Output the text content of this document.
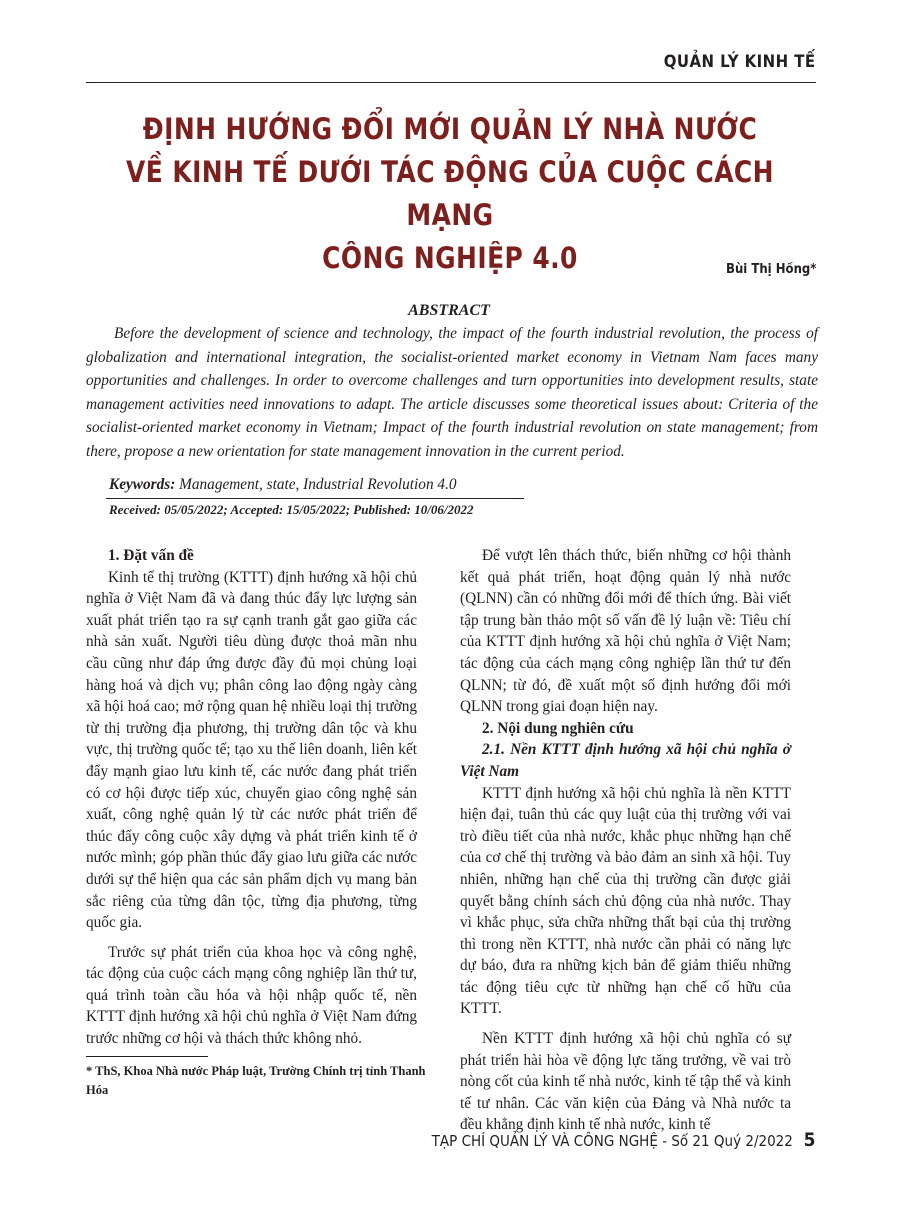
QUẢN LÝ KINH TẾ
ĐỊNH HƯỚNG ĐỔI MỚI QUẢN LÝ NHÀ NƯỚC
VỀ KINH TẾ DƯỚI TÁC ĐỘNG CỦA CUỘC CÁCH MẠNG
CÔNG NGHIỆP 4.0	Bùi Thị Hồng*
ABSTRACT
Before the development of science and technology, the impact of the fourth industrial revolution, the process of globalization and international integration, the socialist-oriented market economy in Vietnam Nam faces many opportunities and challenges. In order to overcome challenges and turn opportunities into development results, state management activities need innovations to adapt. The article discusses some theoretical issues about: Criteria of the socialist-oriented market economy in Vietnam; Impact of the fourth industrial revolution on state management; from there, propose a new orientation for state management innovation in the current period.
Keywords: Management, state, Industrial Revolution 4.0
Received: 05/05/2022; Accepted: 15/05/2022; Published: 10/06/2022
1. Đặt vấn đề

Kinh tế thị trường (KTTT) định hướng xã hội chủ nghĩa ở Việt Nam đã và đang thúc đẩy lực lượng sản xuất phát triển tạo ra sự cạnh tranh gắt gao giữa các nhà sản xuất. Người tiêu dùng được thoả mãn nhu cầu cũng như đáp ứng được đầy đủ mọi chủng loại hàng hoá và dịch vụ; phân công lao động ngày càng xã hội hoá cao; mở rộng quan hệ nhiều loại thị trường từ thị trường địa phương, thị trường dân tộc và khu vực, thị trường quốc tế; tạo xu thế liên doanh, liên kết đẩy mạnh giao lưu kinh tế, các nước đang phát triển có cơ hội được tiếp xúc, chuyển giao công nghệ sản xuất, công nghệ quản lý từ các nước phát triển để thúc đẩy công cuộc xây dựng và phát triển kinh tế ở nước mình; góp phần thúc đẩy giao lưu giữa các nước dưới sự thể hiện qua các sản phẩm dịch vụ mang bản sắc riêng của từng dân tộc, từng địa phương, từng quốc gia.

Trước sự phát triển của khoa học và công nghệ, tác động của cuộc cách mạng công nghiệp lần thứ tư, quá trình toàn cầu hóa và hội nhập quốc tế, nền KTTT định hướng xã hội chủ nghĩa ở Việt Nam đứng trước những cơ hội và thách thức không nhỏ.

Để vượt lên thách thức, biến những cơ hội thành kết quả phát triển, hoạt động quản lý nhà nước (QLNN) cần có những đổi mới để thích ứng. Bài viết tập trung bàn thảo một số vấn đề lý luận về: Tiêu chí của KTTT định hướng xã hội chủ nghĩa ở Việt Nam; tác động của cách mạng công nghiệp lần thứ tư đến QLNN; từ đó, đề xuất một số định hướng đổi mới QLNN trong giai đoạn hiện nay.

2. Nội dung nghiên cứu
2.1. Nền KTTT định hướng xã hội chủ nghĩa ở Việt Nam

KTTT định hướng xã hội chủ nghĩa là nền KTTT hiện đại, tuân thủ các quy luật của thị trường với vai trò điều tiết của nhà nước, khắc phục những hạn chế của cơ chế thị trường và bảo đảm an sinh xã hội. Tuy nhiên, những hạn chế của thị trường cần được giải quyết bằng chính sách chủ động của nhà nước. Thay vì khắc phục, sửa chữa những thất bại của thị trường thì trong nền KTTT, nhà nước cần phải có năng lực dự báo, đưa ra những kịch bản để giảm thiểu những tác động tiêu cực từ những hạn chế cố hữu của KTTT.

Nền KTTT định hướng xã hội chủ nghĩa có sự phát triển hài hòa về động lực tăng trưởng, về vai trò nòng cốt của kinh tế nhà nước, kinh tế tập thể và kinh tế tư nhân. Các văn kiện của Đảng và Nhà nước ta đều khẳng định kinh tế nhà nước, kinh tế

* ThS, Khoa Nhà nước Pháp luật, Trường Chính trị tỉnh Thanh Hóa
TẠP CHÍ QUẢN LÝ VÀ CÔNG NGHỆ - Số 21 Quý 2/2022 5
